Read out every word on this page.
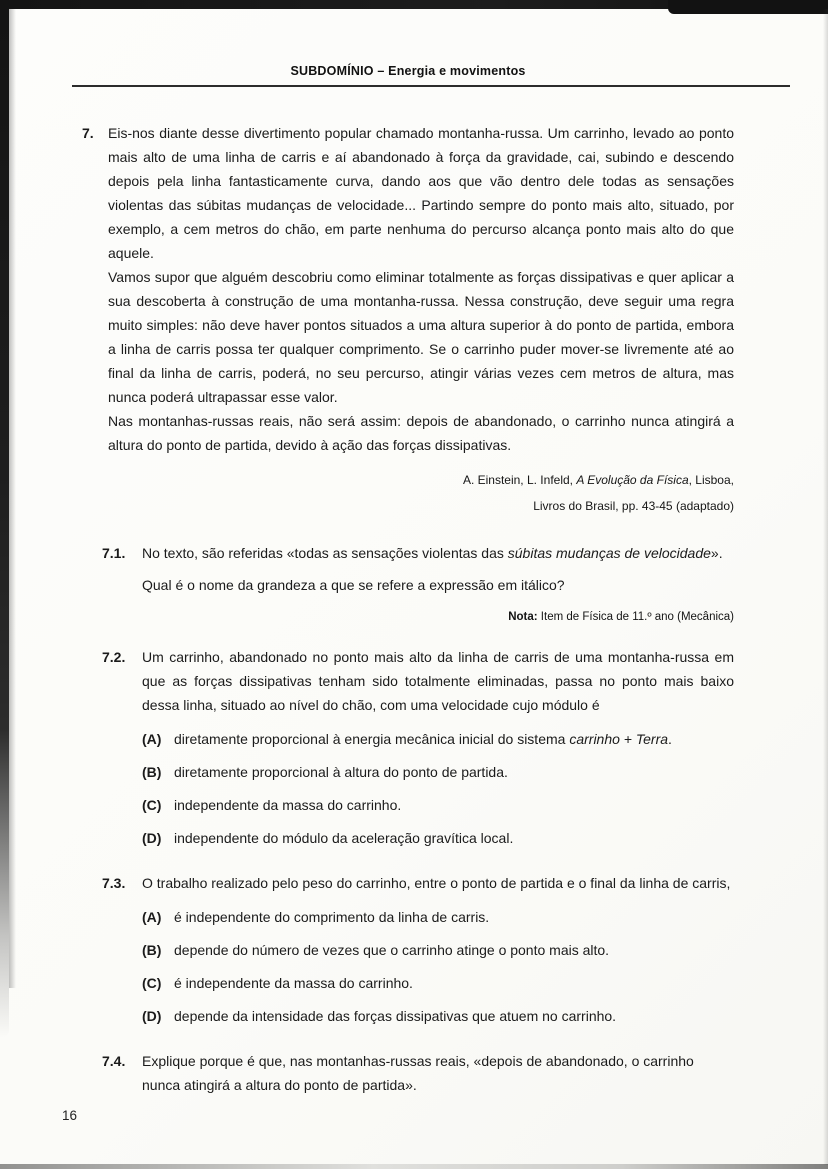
SUBDOMÍNIO – Energia e movimentos
7.	Eis-nos diante desse divertimento popular chamado montanha-russa. Um carrinho, levado ao ponto mais alto de uma linha de carris e aí abandonado à força da gravidade, cai, subindo e descendo depois pela linha fantasticamente curva, dando aos que vão dentro dele todas as sensações violentas das súbitas mudanças de velocidade... Partindo sempre do ponto mais alto, situado, por exemplo, a cem metros do chão, em parte nenhuma do percurso alcança ponto mais alto do que aquele.

Vamos supor que alguém descobriu como eliminar totalmente as forças dissipativas e quer aplicar a sua descoberta à construção de uma montanha-russa. Nessa construção, deve seguir uma regra muito simples: não deve haver pontos situados a uma altura superior à do ponto de partida, embora a linha de carris possa ter qualquer comprimento. Se o carrinho puder mover-se livremente até ao final da linha de carris, poderá, no seu percurso, atingir várias vezes cem metros de altura, mas nunca poderá ultrapassar esse valor.

Nas montanhas-russas reais, não será assim: depois de abandonado, o carrinho nunca atingirá a altura do ponto de partida, devido à ação das forças dissipativas.

A. Einstein, L. Infeld, A Evolução da Física, Lisboa,
Livros do Brasil, pp. 43-45 (adaptado)
7.1.	No texto, são referidas «todas as sensações violentas das súbitas mudanças de velocidade».

Qual é o nome da grandeza a que se refere a expressão em itálico?

Nota: Item de Física de 11.º ano (Mecânica)
7.2.	Um carrinho, abandonado no ponto mais alto da linha de carris de uma montanha-russa em que as forças dissipativas tenham sido totalmente eliminadas, passa no ponto mais baixo dessa linha, situado ao nível do chão, com uma velocidade cujo módulo é

(A) diretamente proporcional à energia mecânica inicial do sistema carrinho + Terra.
(B) diretamente proporcional à altura do ponto de partida.
(C) independente da massa do carrinho.
(D) independente do módulo da aceleração gravítica local.
7.3.	O trabalho realizado pelo peso do carrinho, entre o ponto de partida e o final da linha de carris,

(A) é independente do comprimento da linha de carris.
(B) depende do número de vezes que o carrinho atinge o ponto mais alto.
(C) é independente da massa do carrinho.
(D) depende da intensidade das forças dissipativas que atuem no carrinho.
7.4.	Explique porque é que, nas montanhas-russas reais, «depois de abandonado, o carrinho nunca atingirá a altura do ponto de partida».

16
